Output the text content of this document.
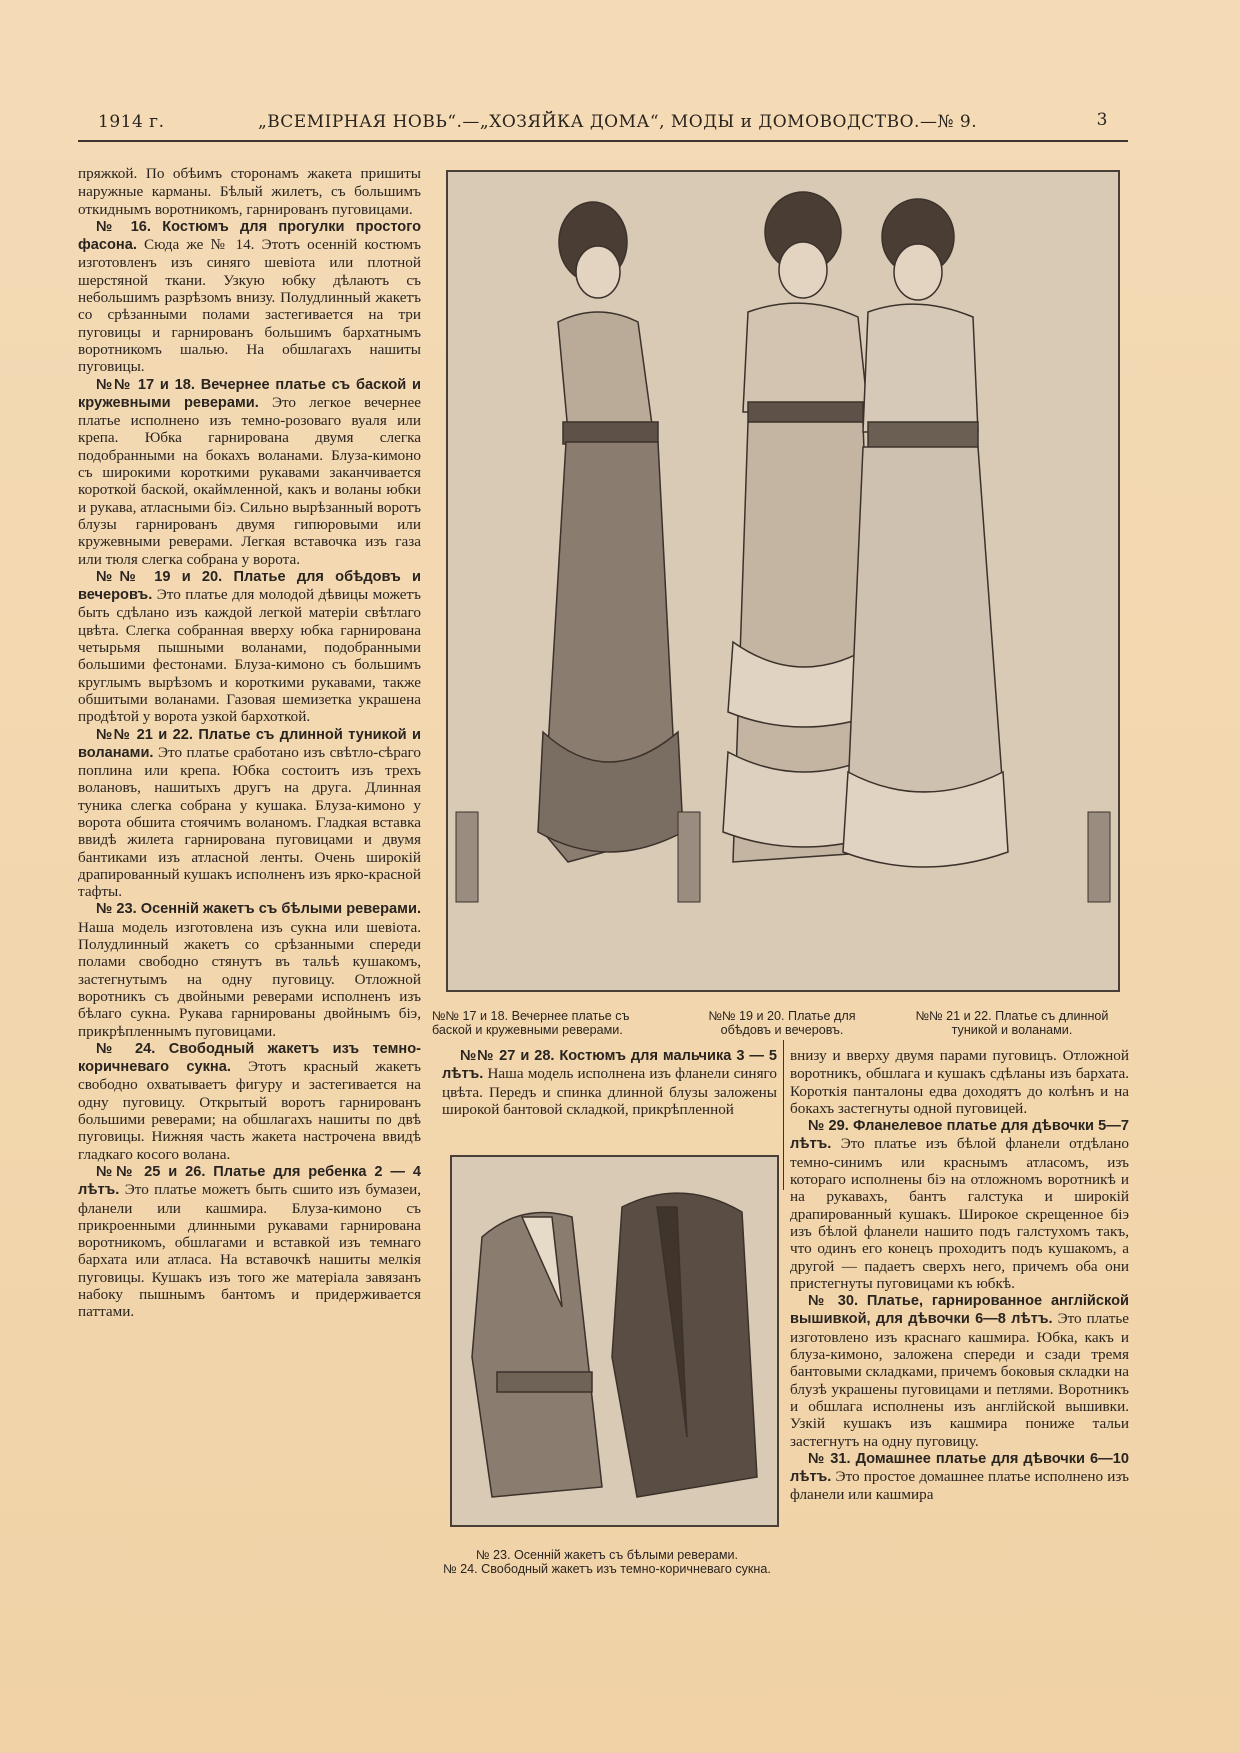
1914 г.	„ВСЕМIРНАЯ НОВЬ“.—„ХОЗЯЙКА ДОМА“, МОДЫ и ДОМОВОДСТВО.—№ 9.	3

пряжкой. По обѣимъ сторонамъ жакета пришиты наружные карманы. Бѣлый жилетъ, съ большимъ откиднымъ воротникомъ, гарнированъ пуговицами.

№ 16. Костюмъ для прогулки простого фасона. Сюда же № 14. Этотъ осенній костюмъ изготовленъ изъ синяго шевіота или плотной шерстяной ткани. Узкую юбку дѣлаютъ съ небольшимъ разрѣзомъ внизу. Полудлинный жакетъ со срѣзанными полами застегивается на три пуговицы и гарнированъ большимъ бархатнымъ воротникомъ шалью. На обшлагахъ нашиты пуговицы.

№№ 17 и 18. Вечернее платье съ баской и кружевными реверами. Это легкое вечернее платье исполнено изъ темно-розоваго вуаля или крепа. Юбка гарнирована двумя слегка подобранными на бокахъ воланами. Блуза-кимоно съ широкими короткими рукавами заканчивается короткой баской, окаймленной, какъ и воланы юбки и рукава, атласными біэ. Сильно вырѣзанный воротъ блузы гарнированъ двумя гипюровыми или кружевными реверами. Легкая вставочка изъ газа или тюля слегка собрана у ворота.

№№ 19 и 20. Платье для обѣдовъ и вечеровъ. Это платье для молодой дѣвицы можетъ быть сдѣлано изъ каждой легкой матеріи свѣтлаго цвѣта. Слегка собранная вверху юбка гарнирована четырьмя пышными воланами, подобранными большими фестонами. Блуза-кимоно съ большимъ круглымъ вырѣзомъ и короткими рукавами, также обшитыми воланами. Газовая шемизетка украшена продѣтой у ворота узкой бархоткой.

№№ 21 и 22. Платье съ длинной туникой и воланами. Это платье сработано изъ свѣтло-сѣраго поплина или крепа. Юбка состоитъ изъ трехъ волановъ, нашитыхъ другъ на друга. Длинная туника слегка собрана у кушака. Блуза-кимоно у ворота обшита стоячимъ воланомъ. Гладкая вставка ввидѣ жилета гарнирована пуговицами и двумя бантиками изъ атласной ленты. Очень широкій драпированный кушакъ исполненъ изъ ярко-красной тафты.

№ 23. Осенній жакетъ съ бѣлыми реверами. Наша модель изготовлена изъ сукна или шевіота. Полудлинный жакетъ со срѣзанными спереди полами свободно стянутъ въ тальѣ кушакомъ, застегнутымъ на одну пуговицу. Отложной воротникъ съ двойными реверами исполненъ изъ бѣлаго сукна. Рукава гарнированы двойнымъ біэ, прикрѣпленнымъ пуговицами.

№ 24. Свободный жакетъ изъ темно-коричневаго сукна. Этотъ красный жакетъ свободно охватываетъ фигуру и застегивается на одну пуговицу. Открытый воротъ гарнированъ большими реверами; на обшлагахъ нашиты по двѣ пуговицы. Нижняя часть жакета настрочена ввидѣ гладкаго косого волана.

№№ 25 и 26. Платье для ребенка 2 — 4 лѣтъ. Это платье можетъ быть сшито изъ бумазеи, фланели или кашмира. Блуза-кимоно съ прикроенными длинными рукавами гарнирована воротникомъ, обшлагами и вставкой изъ темнаго бархата или атласа. На вставочкѣ нашиты мелкія пуговицы. Кушакъ изъ того же матеріала завязанъ набоку пышнымъ бантомъ и придерживается паттами.

№№ 17 и 18. Вечернее платье съ баской и кружевными реверами.
№№ 19 и 20. Платье для обѣдовъ и вечеровъ.
№№ 21 и 22. Платье съ длинной туникой и воланами.

№№ 27 и 28. Костюмъ для мальчика 3 — 5 лѣтъ. Наша модель исполнена изъ фланели синяго цвѣта. Передъ и спинка длинной блузы заложены широкой бантовой складкой, прикрѣпленной

№ 23. Осенній жакетъ съ бѣлыми реверами.
№ 24. Свободный жакетъ изъ темно-коричневаго сукна.

внизу и вверху двумя парами пуговицъ. Отложной воротникъ, обшлага и кушакъ сдѣланы изъ бархата. Короткія панталоны едва доходятъ до колѣнъ и на бокахъ застегнуты одной пуговицей.

№ 29. Фланелевое платье для дѣвочки 5—7 лѣтъ. Это платье изъ бѣлой фланели отдѣлано темно-синимъ или краснымъ атласомъ, изъ котораго исполнены біэ на отложномъ воротникѣ и на рукавахъ, бантъ галстука и широкій драпированный кушакъ. Широкое скрещенное біэ изъ бѣлой фланели нашито подъ галстухомъ такъ, что одинъ его конецъ проходитъ подъ кушакомъ, а другой — падаетъ сверхъ него, причемъ оба они пристегнуты пуговицами къ юбкѣ.

№ 30. Платье, гарнированное англійской вышивкой, для дѣвочки 6—8 лѣтъ. Это платье изготовлено изъ краснаго кашмира. Юбка, какъ и блуза-кимоно, заложена спереди и сзади тремя бантовыми складками, причемъ боковыя складки на блузѣ украшены пуговицами и петлями. Воротникъ и обшлага исполнены изъ англійской вышивки. Узкій кушакъ изъ кашмира пониже тальи застегнутъ на одну пуговицу.

№ 31. Домашнее платье для дѣвочки 6—10 лѣтъ. Это простое домашнее платье исполнено изъ фланели или кашмира
